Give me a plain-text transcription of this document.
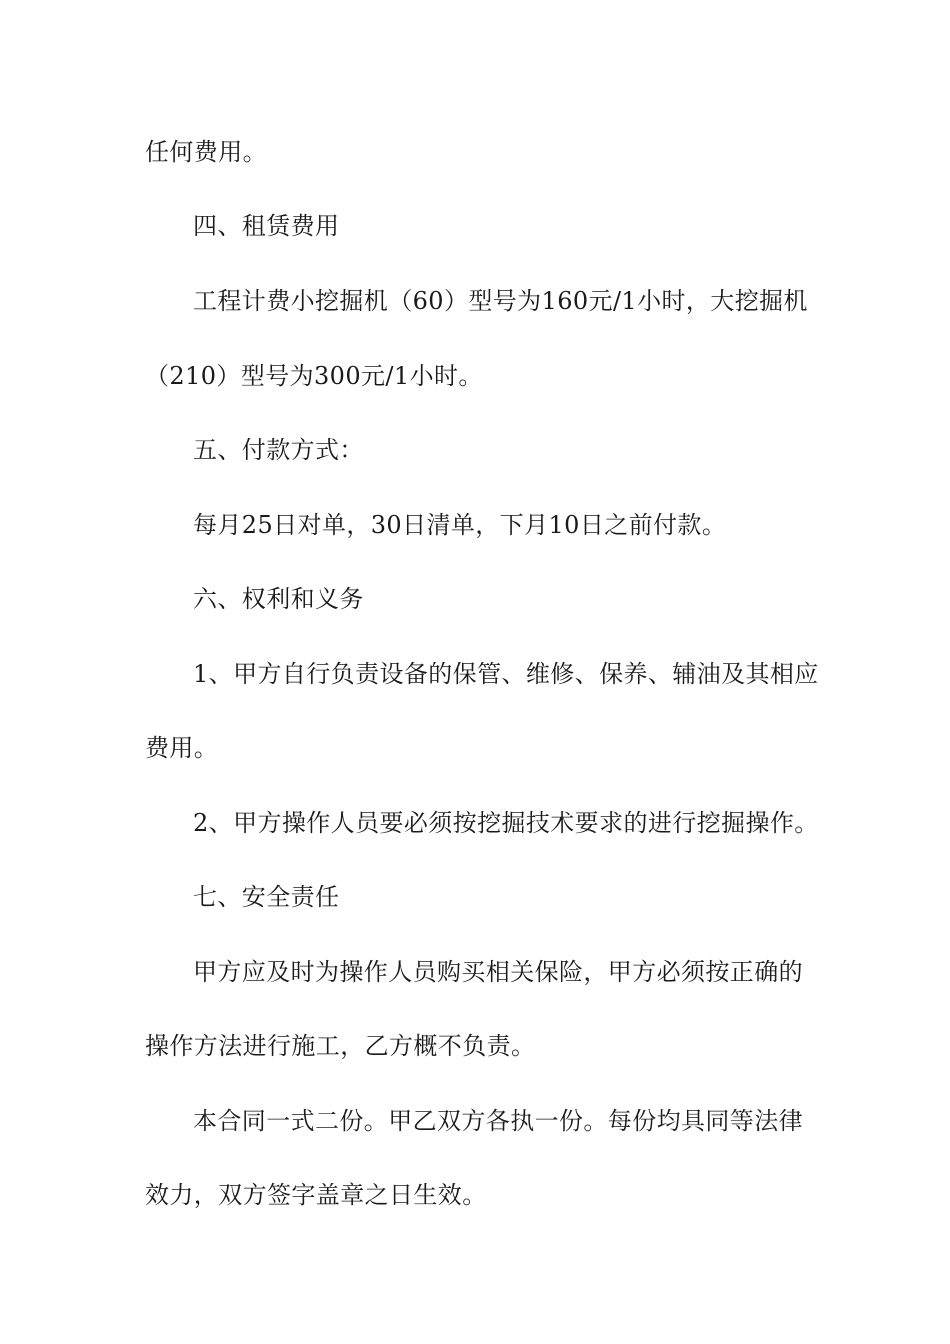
任何费用。
四、租赁费用
工程计费小挖掘机（60）型号为160元/1小时，大挖掘机
（210）型号为300元/1小时。
五、付款方式：
每月25日对单，30日清单，下月10日之前付款。
六、权利和义务
1、甲方自行负责设备的保管、维修、保养、辅油及其相应
费用。
2、甲方操作人员要必须按挖掘技术要求的进行挖掘操作。
七、安全责任
甲方应及时为操作人员购买相关保险，甲方必须按正确的
操作方法进行施工，乙方概不负责。
本合同一式二份。甲乙双方各执一份。每份均具同等法律
效力，双方签字盖章之日生效。
